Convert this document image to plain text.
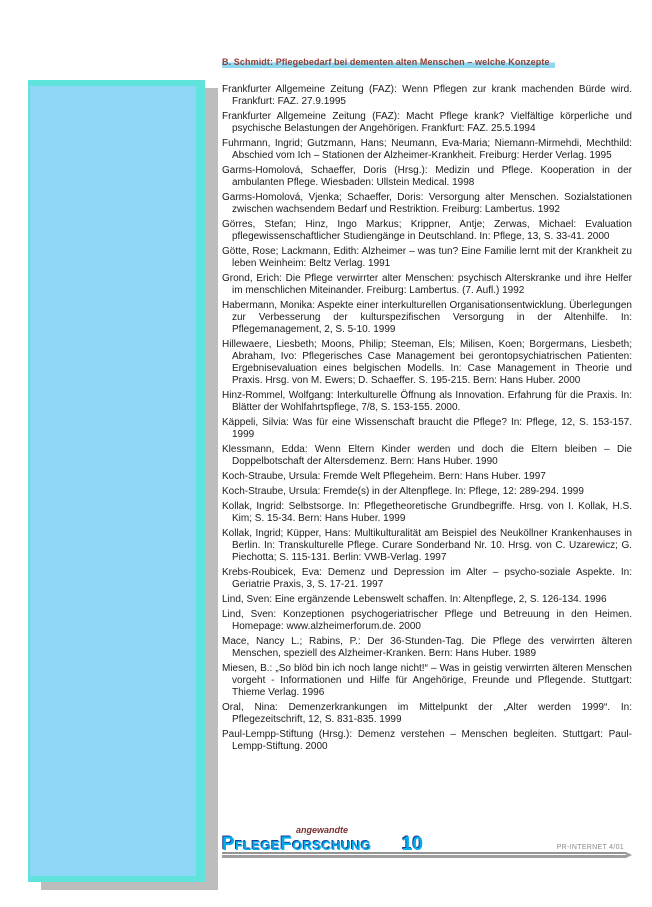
B. Schmidt: Pflegebedarf bei dementen alten Menschen – welche Konzepte

Frankfurter Allgemeine Zeitung (FAZ): Wenn Pflegen zur krank machenden Bürde wird. Frankfurt: FAZ. 27.9.1995

Frankfurter Allgemeine Zeitung (FAZ): Macht Pflege krank? Vielfältige körperliche und psychische Belastungen der Angehörigen. Frankfurt: FAZ. 25.5.1994

Fuhrmann, Ingrid; Gutzmann, Hans; Neumann, Eva-Maria; Niemann-Mirmehdi, Mechthild: Abschied vom Ich – Stationen der Alzheimer-Krankheit. Freiburg: Herder Verlag. 1995

Garms-Homolová, Schaeffer, Doris (Hrsg.): Medizin und Pflege. Kooperation in der ambulanten Pflege. Wiesbaden: Ullstein Medical. 1998

Garms-Homolová, Vjenka; Schaeffer, Doris: Versorgung alter Menschen. Sozialstationen zwischen wachsendem Bedarf und Restriktion. Freiburg: Lambertus. 1992

Görres, Stefan; Hinz, Ingo Markus; Krippner, Antje; Zerwas, Michael: Evaluation pflegewissenschaftlicher Studiengänge in Deutschland. In: Pflege, 13, S. 33-41. 2000

Götte, Rose; Lackmann, Edith: Alzheimer – was tun? Eine Familie lernt mit der Krankheit zu leben Weinheim: Beltz Verlag. 1991

Grond, Erich: Die Pflege verwirrter alter Menschen: psychisch Alterskranke und ihre Helfer im menschlichen Miteinander. Freiburg: Lambertus. (7. Aufl.) 1992

Habermann, Monika: Aspekte einer interkulturellen Organisationsentwicklung. Überlegungen zur Verbesserung der kulturspezifischen Versorgung in der Altenhilfe. In: Pflegemanagement, 2, S. 5-10. 1999

Hillewaere, Liesbeth; Moons, Philip; Steeman, Els; Milisen, Koen; Borgermans, Liesbeth; Abraham, Ivo: Pflegerisches Case Management bei gerontopsychiatrischen Patienten: Ergebnisevaluation eines belgischen Modells. In: Case Management in Theorie und Praxis. Hrsg. von M. Ewers; D. Schaeffer. S. 195-215. Bern: Hans Huber. 2000

Hinz-Rommel, Wolfgang: Interkulturelle Öffnung als Innovation. Erfahrung für die Praxis. In: Blätter der Wohlfahrtspflege, 7/8, S. 153-155. 2000.

Käppeli, Silvia: Was für eine Wissenschaft braucht die Pflege? In: Pflege, 12, S. 153-157. 1999

Klessmann, Edda: Wenn Eltern Kinder werden und doch die Eltern bleiben – Die Doppelbotschaft der Altersdemenz. Bern: Hans Huber. 1990

Koch-Straube, Ursula: Fremde Welt Pflegeheim. Bern: Hans Huber. 1997

Koch-Straube, Ursula: Fremde(s) in der Altenpflege. In: Pflege, 12: 289-294. 1999

Kollak, Ingrid: Selbstsorge. In: Pflegetheoretische Grundbegriffe. Hrsg. von I. Kollak, H.S. Kim; S. 15-34. Bern: Hans Huber. 1999

Kollak, Ingrid; Küpper, Hans: Multikulturalität am Beispiel des Neuköllner Krankenhauses in Berlin. In: Transkulturelle Pflege. Curare Sonderband Nr. 10. Hrsg. von C. Uzarewicz; G. Piechotta; S. 115-131. Berlin: VWB-Verlag. 1997

Krebs-Roubicek, Eva: Demenz und Depression im Alter – psycho-soziale Aspekte. In: Geriatrie Praxis, 3, S. 17-21. 1997

Lind, Sven: Eine ergänzende Lebenswelt schaffen. In: Altenpflege, 2, S. 126-134. 1996

Lind, Sven: Konzeptionen psychogeriatrischer Pflege und Betreuung in den Heimen. Homepage: www.alzheimerforum.de. 2000

Mace, Nancy L.; Rabins, P.: Der 36-Stunden-Tag. Die Pflege des verwirrten älteren Menschen, speziell des Alzheimer-Kranken. Bern: Hans Huber. 1989

Miesen, B.: „So blöd bin ich noch lange nicht!“ – Was in geistig verwirrten älteren Menschen vorgeht - Informationen und Hilfe für Angehörige, Freunde und Pflegende. Stuttgart: Thieme Verlag. 1996

Oral, Nina: Demenzerkrankungen im Mittelpunkt der „Alter werden 1999“. In: Pflegezeitschrift, 12, S. 831-835. 1999

Paul-Lempp-Stiftung (Hrsg.): Demenz verstehen – Menschen begleiten. Stuttgart: Paul-Lempp-Stiftung. 2000

angewandte
PflegeForschung 10	PR-INTERNET 4/01
